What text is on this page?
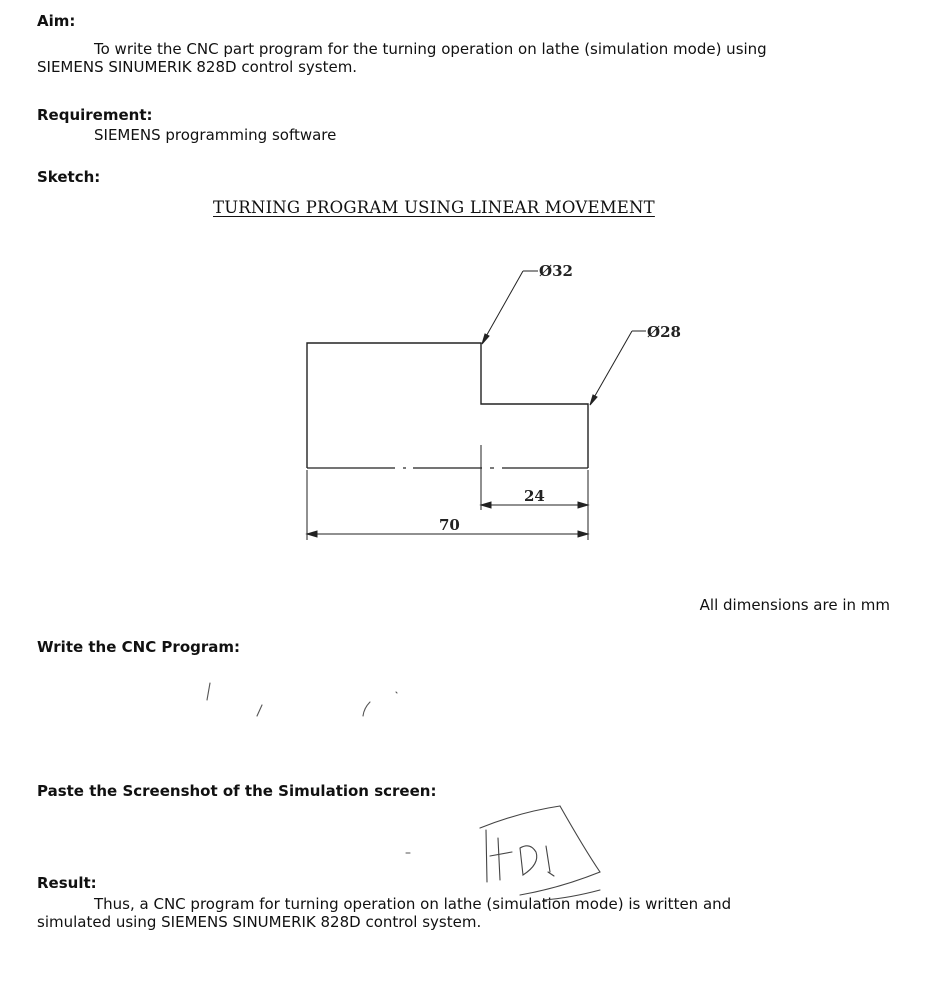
Aim:

To write the CNC part program for the turning operation on lathe (simulation mode) using
SIEMENS SINUMERIK 828D control system.

Requirement:

SIEMENS programming software

Sketch:

TURNING PROGRAM USING LINEAR MOVEMENT

Ø32
Ø28
24
70

All dimensions are in mm

Write the CNC Program:

Paste the Screenshot of the Simulation screen:

Result:

Thus, a CNC program for turning operation on lathe (simulation mode) is written and
simulated using SIEMENS SINUMERIK 828D control system.
